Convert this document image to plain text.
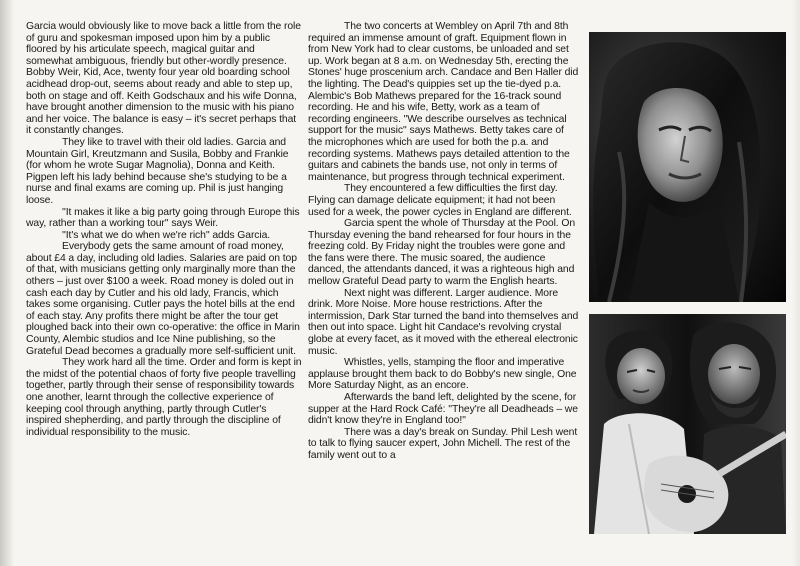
Garcia would obviously like to move back a little from the role of guru and spokesman imposed upon him by a public floored by his articulate speech, magical guitar and somewhat ambiguous, friendly but other-wordly presence. Bobby Weir, Kid, Ace, twenty four year old boarding school acidhead drop-out, seems about ready and able to step up, both on stage and off. Keith Godschaux and his wife Donna, have brought another dimension to the music with his piano and her voice. The balance is easy – it's secret perhaps that it constantly changes.

They like to travel with their old ladies. Garcia and Mountain Girl, Kreutzmann and Susila, Bobby and Frankie (for whom he wrote Sugar Magnolia), Donna and Keith. Pigpen left his lady behind because she's studying to be a nurse and final exams are coming up. Phil is just hanging loose.

''It makes it like a big party going through Europe this way, rather than a working tour'' says Weir.

''It's what we do when we're rich'' adds Garcia.

Everybody gets the same amount of road money, about £4 a day, including old ladies. Salaries are paid on top of that, with musicians getting only marginally more than the others – just over $100 a week. Road money is doled out in cash each day by Cutler and his old lady, Francis, which takes some organising. Cutler pays the hotel bills at the end of each stay. Any profits there might be after the tour get ploughed back into their own co-operative: the office in Marin County, Alembic studios and Ice Nine publishing, so the Grateful Dead becomes a gradually more self-sufficient unit.

They work hard all the time. Order and form is kept in the midst of the potential chaos of forty five people travelling together, partly through their sense of responsibility towards one another, learnt through the collective experience of keeping cool through anything, partly through Cutler's inspired shepherding, and partly through the discipline of individual responsibility to the music.

The two concerts at Wembley on April 7th and 8th required an immense amount of graft. Equipment flown in from New York had to clear customs, be unloaded and set up. Work began at 8 a.m. on Wednesday 5th, erecting the Stones' huge proscenium arch. Candace and Ben Haller did the lighting. The Dead's quippies set up the tie-dyed p.a. Alembic's Bob Mathews prepared for the 16-track sound recording. He and his wife, Betty, work as a team of recording engineers. ''We describe ourselves as technical support for the music'' says Mathews. Betty takes care of the microphones which are used for both the p.a. and recording systems. Mathews pays detailed attention to the guitars and cabinets the bands use, not only in terms of maintenance, but progress through technical experiment.

They encountered a few difficulties the first day. Flying can damage delicate equipment; it had not been used for a week, the power cycles in England are different.

Garcia spent the whole of Thursday at the Pool. On Thursday evening the band rehearsed for four hours in the freezing cold. By Friday night the troubles were gone and the fans were there. The music soared, the audience danced, the attendants danced, it was a righteous high and mellow Grateful Dead party to warm the English hearts.

Next night was different. Larger audience. More drink. More Noise. More house restrictions. After the intermission, Dark Star turned the band into themselves and then out into space. Light hit Candace's revolving crystal globe at every facet, as it moved with the ethereal electronic music.

Whistles, yells, stamping the floor and imperative applause brought them back to do Bobby's new single, One More Saturday Night, as an encore.

Afterwards the band left, delighted by the scene, for supper at the Hard Rock Café: ''They're all Deadheads – we didn't know they're in England too!''

There was a day's break on Sunday. Phil Lesh went to talk to flying saucer expert, John Michell. The rest of the family went out to a
